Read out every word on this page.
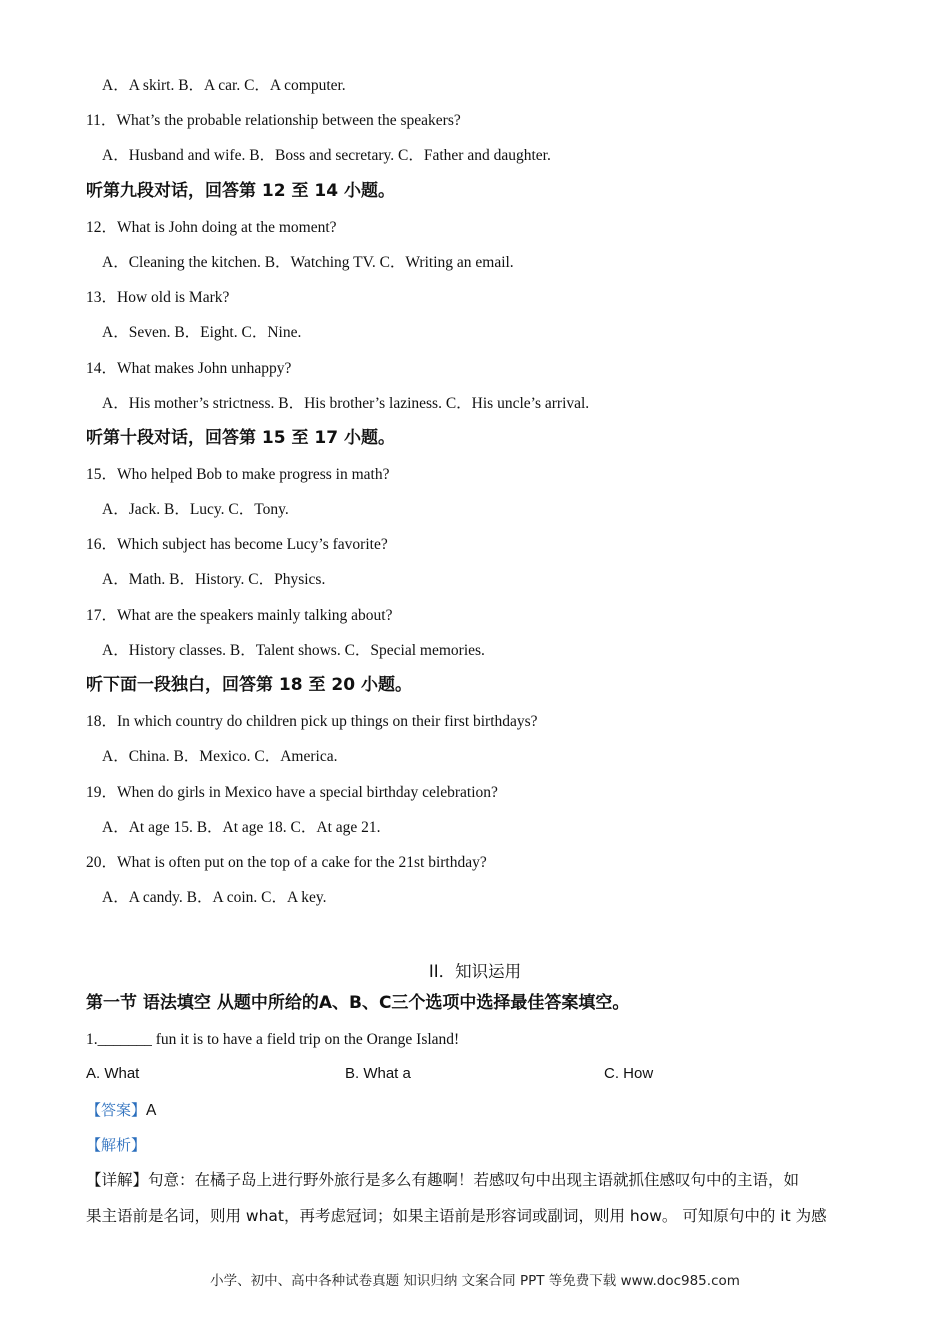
A．A skirt. B．A car. C．A computer.
11．What’s the probable relationship between the speakers?
A．Husband and wife. B．Boss and secretary. C．Father and daughter.
听第九段对话，回答第 12 至 14 小题。
12．What is John doing at the moment?
A．Cleaning the kitchen. B．Watching TV. C．Writing an email.
13．How old is Mark?
A．Seven. B．Eight. C．Nine.
14．What makes John unhappy?
A．His mother’s strictness. B．His brother’s laziness. C．His uncle’s arrival.
听第十段对话，回答第 15 至 17 小题。
15．Who helped Bob to make progress in math?
A．Jack. B．Lucy. C．Tony.
16．Which subject has become Lucy’s favorite?
A．Math. B．History. C．Physics.
17．What are the speakers mainly talking about?
A．History classes. B．Talent shows. C．Special memories.
听下面一段独白，回答第 18 至 20 小题。
18．In which country do children pick up things on their first birthdays?
A．China. B．Mexico. C．America.
19．When do girls in Mexico have a special birthday celebration?
A．At age 15. B．At age 18. C．At age 21.
20．What is often put on the top of a cake for the 21st birthday?
A．A candy. B．A coin. C．A key.
II．知识运用
第一节 语法填空 从题中所给的A、B、C三个选项中选择最佳答案填空。
1._______ fun it is to have a field trip on the Orange Island!
A. What	B. What a	C. How
【答案】A
【解析】
【详解】句意：在橘子岛上进行野外旅行是多么有趣啊！若感叹句中出现主语就抓住感叹句中的主语，如
果主语前是名词，则用 what，再考虑冠词；如果主语前是形容词或副词，则用 how。 可知原句中的 it 为感
小学、初中、高中各种试卷真题 知识归纳 文案合同 PPT 等免费下载 www.doc985.com
